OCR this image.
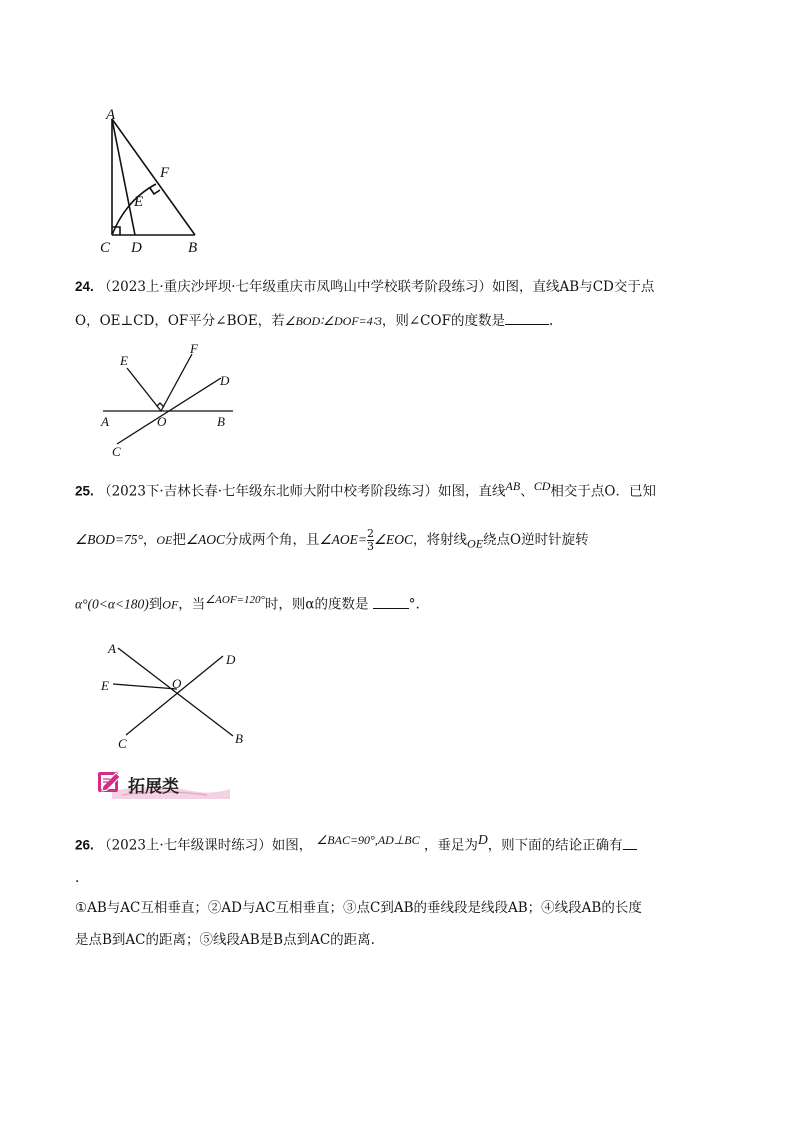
A
F
E
C D	B
24. （2023上·重庆沙坪坝·七年级重庆市凤鸣山中学校联考阶段练习）如图，直线AB与CD交于点
O，OE⊥CD，OF平分∠BOE，若∠BOD∶∠DOF=4∶3，则∠COF的度数是	.
E
F
D
A	O	B
C
25. （2023下·吉林长春·七年级东北师大附中校考阶段练习）如图，直线AB、CD相交于点O．已知
∠BOD=75°，OE把∠AOC分成两个角，且∠AOE= $\frac{2}{3}$ ∠EOC，将射线OE绕点O逆时针旋转
α°(0<α<180)到OF，当$^{\angle AOF=120^\circ}$时，则α的度数是	°.
A
D
E	O
C	B
拓展类
26. （2023上·七年级课时练习）如图， ∠BAC=90°,AD⊥BC ，垂足为D，则下面的结论正确有
.
①AB与AC互相垂直；②AD与AC互相垂直；③点C到AB的垂线段是线段AB；④线段AB的长度
是点B到AC的距离；⑤线段AB是B点到AC的距离.
